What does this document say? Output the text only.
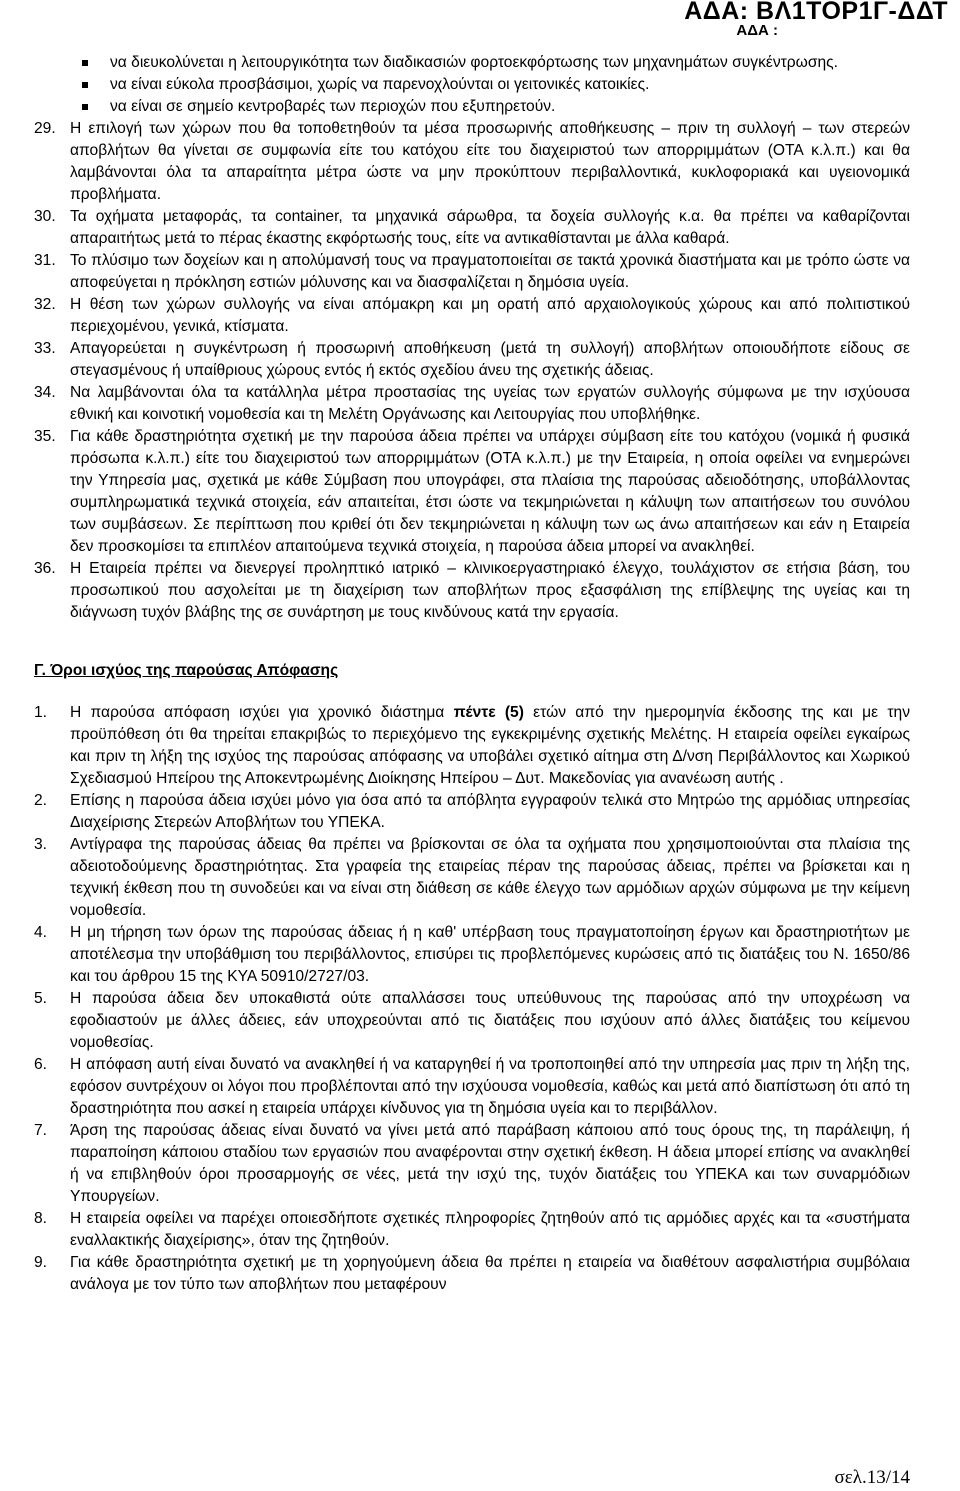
ΑΔΑ: ΒΛ1ΤΟΡ1Γ-ΔΔΤ
ΑΔΑ :
να διευκολύνεται η λειτουργικότητα των διαδικασιών φορτοεκφόρτωσης των μηχανημάτων συγκέντρωσης.
να είναι εύκολα προσβάσιμοι, χωρίς να παρενοχλούνται οι γειτονικές κατοικίες.
να είναι σε σημείο κεντροβαρές των περιοχών που εξυπηρετούν.
29. Η επιλογή των χώρων που θα τοποθετηθούν τα μέσα προσωρινής αποθήκευσης – πριν τη συλλογή – των στερεών αποβλήτων θα γίνεται σε συμφωνία είτε του κατόχου είτε του διαχειριστού των απορριμμάτων (ΟΤΑ κ.λ.π.) και θα λαμβάνονται όλα τα απαραίτητα μέτρα ώστε να μην προκύπτουν περιβαλλοντικά, κυκλοφοριακά και υγειονομικά προβλήματα.
30. Τα οχήματα μεταφοράς, τα container, τα μηχανικά σάρωθρα, τα δοχεία συλλογής κ.α. θα πρέπει να καθαρίζονται απαραιτήτως μετά το πέρας έκαστης εκφόρτωσής τους, είτε να αντικαθίστανται με άλλα καθαρά.
31. Το πλύσιμο των δοχείων και η απολύμανσή τους να πραγματοποιείται σε τακτά χρονικά διαστήματα και με τρόπο ώστε να αποφεύγεται η πρόκληση εστιών μόλυνσης και να διασφαλίζεται η δημόσια υγεία.
32. Η θέση των χώρων συλλογής να είναι απόμακρη και μη ορατή από αρχαιολογικούς χώρους και από πολιτιστικού περιεχομένου, γενικά, κτίσματα.
33. Απαγορεύεται η συγκέντρωση ή προσωρινή αποθήκευση (μετά τη συλλογή) αποβλήτων οποιουδήποτε είδους σε στεγασμένους ή υπαίθριους χώρους εντός ή εκτός σχεδίου άνευ της σχετικής άδειας.
34. Να λαμβάνονται όλα τα κατάλληλα μέτρα προστασίας της υγείας των εργατών συλλογής σύμφωνα με την ισχύουσα εθνική και κοινοτική νομοθεσία και τη Μελέτη Οργάνωσης και Λειτουργίας που υποβλήθηκε.
35. Για κάθε δραστηριότητα σχετική με την παρούσα άδεια πρέπει να υπάρχει σύμβαση είτε του κατόχου (νομικά ή φυσικά πρόσωπα κ.λ.π.) είτε του διαχειριστού των απορριμμάτων (ΟΤΑ κ.λ.π.) με την Εταιρεία, η οποία οφείλει να ενημερώνει την Υπηρεσία μας, σχετικά με κάθε Σύμβαση που υπογράφει, στα πλαίσια της παρούσας αδειοδότησης, υποβάλλοντας συμπληρωματικά τεχνικά στοιχεία, εάν απαιτείται, έτσι ώστε να τεκμηριώνεται η κάλυψη των απαιτήσεων του συνόλου των συμβάσεων. Σε περίπτωση που κριθεί ότι δεν τεκμηριώνεται η κάλυψη των ως άνω απαιτήσεων και εάν η Εταιρεία δεν προσκομίσει τα επιπλέον απαιτούμενα τεχνικά στοιχεία, η παρούσα άδεια μπορεί να ανακληθεί.
36. Η Εταιρεία πρέπει να διενεργεί προληπτικό ιατρικό – κλινικοεργαστηριακό έλεγχο, τουλάχιστον σε ετήσια βάση, του προσωπικού που ασχολείται με τη διαχείριση των αποβλήτων προς εξασφάλιση της επίβλεψης της υγείας και τη διάγνωση τυχόν βλάβης της σε συνάρτηση με τους κινδύνους κατά την εργασία.
Γ. Όροι ισχύος της παρούσας Απόφασης
1. Η παρούσα απόφαση ισχύει για χρονικό διάστημα πέντε (5) ετών από την ημερομηνία έκδοσης της και με την προϋπόθεση ότι θα τηρείται επακριβώς το περιεχόμενο της εγκεκριμένης σχετικής Μελέτης. Η εταιρεία οφείλει εγκαίρως και πριν τη λήξη της ισχύος της παρούσας απόφασης να υποβάλει σχετικό αίτημα στη Δ/νση Περιβάλλοντος και Χωρικού Σχεδιασμού Ηπείρου της Αποκεντρωμένης Διοίκησης Ηπείρου – Δυτ. Μακεδονίας για ανανέωση αυτής .
2. Επίσης η παρούσα άδεια ισχύει μόνο για όσα από τα απόβλητα εγγραφούν τελικά στο Μητρώο της αρμόδιας υπηρεσίας Διαχείρισης Στερεών Αποβλήτων του ΥΠΕΚΑ.
3. Αντίγραφα της παρούσας άδειας θα πρέπει να βρίσκονται σε όλα τα οχήματα που χρησιμοποιούνται στα πλαίσια της αδειοτοδούμενης δραστηριότητας. Στα γραφεία της εταιρείας πέραν της παρούσας άδειας, πρέπει να βρίσκεται και η τεχνική έκθεση που τη συνοδεύει και να είναι στη διάθεση σε κάθε έλεγχο των αρμόδιων αρχών σύμφωνα με την κείμενη νομοθεσία.
4. Η μη τήρηση των όρων της παρούσας άδειας ή η καθ' υπέρβαση τους πραγματοποίηση έργων και δραστηριοτήτων με αποτέλεσμα την υποβάθμιση του περιβάλλοντος, επισύρει τις προβλεπόμενες κυρώσεις από τις διατάξεις του Ν. 1650/86 και του άρθρου 15 της ΚΥΑ 50910/2727/03.
5. Η παρούσα άδεια δεν υποκαθιστά ούτε απαλλάσσει τους υπεύθυνους της παρούσας από την υποχρέωση να εφοδιαστούν με άλλες άδειες, εάν υποχρεούνται από τις διατάξεις που ισχύουν από άλλες διατάξεις του κείμενου νομοθεσίας.
6. Η απόφαση αυτή είναι δυνατό να ανακληθεί ή να καταργηθεί ή να τροποποιηθεί από την υπηρεσία μας πριν τη λήξη της, εφόσον συντρέχουν οι λόγοι που προβλέπονται από την ισχύουσα νομοθεσία, καθώς και μετά από διαπίστωση ότι από τη δραστηριότητα που ασκεί η εταιρεία υπάρχει κίνδυνος για τη δημόσια υγεία και το περιβάλλον.
7. Άρση της παρούσας άδειας είναι δυνατό να γίνει μετά από παράβαση κάποιου από τους όρους της, τη παράλειψη, ή παραποίηση κάποιου σταδίου των εργασιών που αναφέρονται στην σχετική έκθεση. Η άδεια μπορεί επίσης να ανακληθεί ή να επιβληθούν όροι προσαρμογής σε νέες, μετά την ισχύ της, τυχόν διατάξεις του ΥΠΕΚΑ και των συναρμόδιων Υπουργείων.
8. Η εταιρεία οφείλει να παρέχει οποιεσδήποτε σχετικές πληροφορίες ζητηθούν από τις αρμόδιες αρχές και τα «συστήματα εναλλακτικής διαχείρισης», όταν της ζητηθούν.
9. Για κάθε δραστηριότητα σχετική με τη χορηγούμενη άδεια θα πρέπει η εταιρεία να διαθέτουν ασφαλιστήρια συμβόλαια ανάλογα με τον τύπο των αποβλήτων που μεταφέρουν
σελ.13/14
